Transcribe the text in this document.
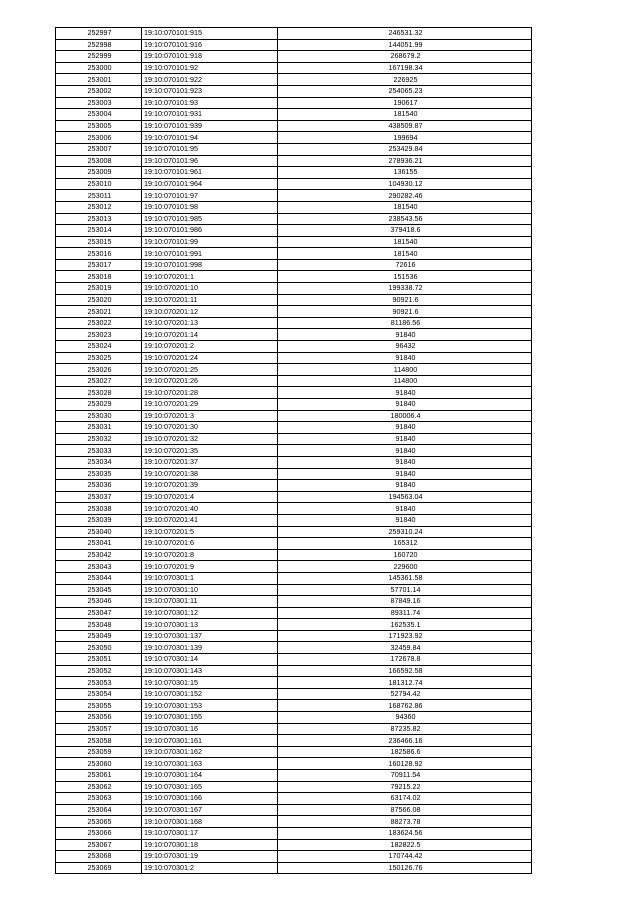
252997	19:10:070101:915	246531.32
252998	19:10:070101:916	144051.99
252999	19:10:070101:918	268679.2
253000	19:10:070101:92	167198.34
253001	19:10:070101:922	226925
253002	19:10:070101:923	254065.23
253003	19:10:070101:93	190617
253004	19:10:070101:931	181540
253005	19:10:070101:939	438509.87
253006	19:10:070101:94	199694
253007	19:10:070101:95	253429.84
253008	19:10:070101:96	278936.21
253009	19:10:070101:961	136155
253010	19:10:070101:964	104930.12
253011	19:10:070101:97	290282.46
253012	19:10:070101:98	181540
253013	19:10:070101:985	238543.56
253014	19:10:070101:986	379418.6
253015	19:10:070101:99	181540
253016	19:10:070101:991	181540
253017	19:10:070101:998	72616
253018	19:10:070201:1	151536
253019	19:10:070201:10	199338.72
253020	19:10:070201:11	90921.6
253021	19:10:070201:12	90921.6
253022	19:10:070201:13	81186.56
253023	19:10:070201:14	91840
253024	19:10:070201:2	96432
253025	19:10:070201:24	91840
253026	19:10:070201:25	114800
253027	19:10:070201:26	114800
253028	19:10:070201:28	91840
253029	19:10:070201:29	91840
253030	19:10:070201:3	180006.4
253031	19:10:070201:30	91840
253032	19:10:070201:32	91840
253033	19:10:070201:35	91840
253034	19:10:070201:37	91840
253035	19:10:070201:38	91840
253036	19:10:070201:39	91840
253037	19:10:070201:4	194563.04
253038	19:10:070201:40	91840
253039	19:10:070201:41	91840
253040	19:10:070201:5	259310.24
253041	19:10:070201:6	165312
253042	19:10:070201:8	160720
253043	19:10:070201:9	229600
253044	19:10:070301:1	145361.58
253045	19:10:070301:10	57701.14
253046	19:10:070301:11	87849.16
253047	19:10:070301:12	89311.74
253048	19:10:070301:13	162535.1
253049	19:10:070301:137	171923.92
253050	19:10:070301:139	32459.84
253051	19:10:070301:14	172678.8
253052	19:10:070301:143	166592.58
253053	19:10:070301:15	181312.74
253054	19:10:070301:152	52794.42
253055	19:10:070301:153	168762.86
253056	19:10:070301:155	94360
253057	19:10:070301:16	87235.82
253058	19:10:070301:161	236466.16
253059	19:10:070301:162	182586.6
253060	19:10:070301:163	160128.92
253061	19:10:070301:164	70911.54
253062	19:10:070301:165	79215.22
253063	19:10:070301:166	63174.02
253064	19:10:070301:167	87566.08
253065	19:10:070301:168	88273.78
253066	19:10:070301:17	183624.56
253067	19:10:070301:18	182822.5
253068	19:10:070301:19	170744.42
253069	19:10:070301:2	150126.76
